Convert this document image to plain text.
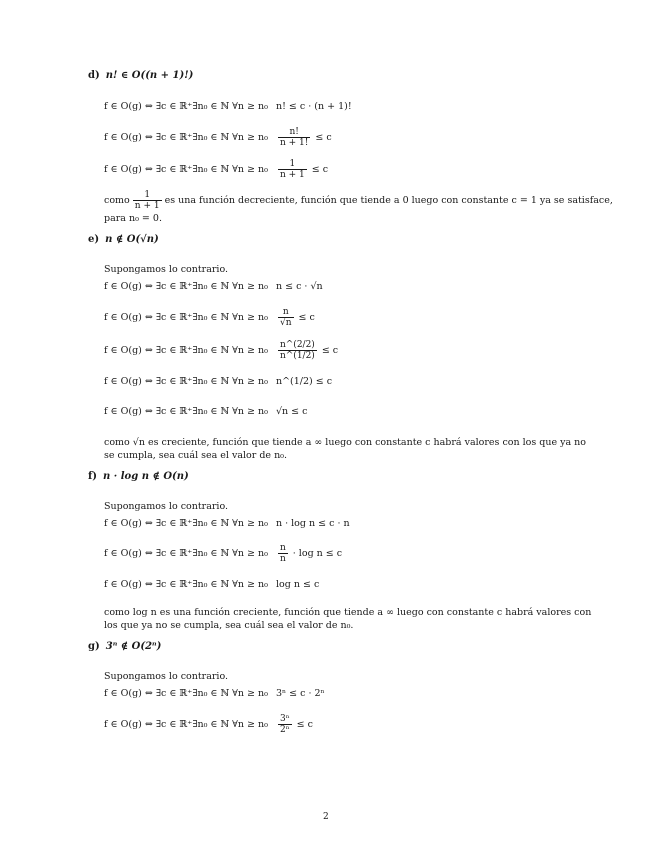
d) n! ∈ O((n + 1)!)
f ∈ O(g) ⇔ ∃c ∈ ℝ⁺∃n₀ ∈ ℕ ∀n ≥ n₀ n! ≤ c · (n + 1)!
f ∈ O(g) ⇔ ∃c ∈ ℝ⁺∃n₀ ∈ ℕ ∀n ≥ $n_0 \frac{n!}{n + 1!} \le c$
f ∈ O(g) ⇔ ∃c ∈ ℝ⁺∃n₀ ∈ ℕ ∀n ≥ $n_0 \frac{1}{n + 1} \le c$
como $\frac{1}{n + 1}$ es una función decreciente, función que tiende a 0 luego con constante c = 1 ya se satisface,
para n₀ = 0.
e) n ∉ O(√n)
Supongamos lo contrario.
f ∈ O(g) ⇔ ∃c ∈ ℝ⁺∃n₀ ∈ ℕ ∀n ≥ n₀ n ≤ c · √n
f ∈ O(g) ⇔ ∃c ∈ ℝ⁺∃n₀ ∈ ℕ ∀n ≥ $n_0 \frac{n}{√n} \le c$
f ∈ O(g) ⇔ ∃c ∈ ℝ⁺∃n₀ ∈ ℕ ∀n ≥ $n_0 \frac{n\^{}(2/2)}{n\^{}(1/2)} \le c$
f ∈ O(g) ⇔ ∃c ∈ ℝ⁺∃n₀ ∈ ℕ ∀n ≥ n₀ n^(1/2) ≤ c
f ∈ O(g) ⇔ ∃c ∈ ℝ⁺∃n₀ ∈ ℕ ∀n ≥ n₀ √n ≤ c
como √n es creciente, función que tiende a ∞ luego con constante c habrá valores con los que ya no
se cumpla, sea cuál sea el valor de n₀.
f) n · log n ∉ O(n)
Supongamos lo contrario.
f ∈ O(g) ⇔ ∃c ∈ ℝ⁺∃n₀ ∈ ℕ ∀n ≥ n₀ n · log n ≤ c · n
f ∈ O(g) ⇔ ∃c ∈ ℝ⁺∃n₀ ∈ ℕ ∀n ≥ $n_0 \frac{n}{n} \cdot \log n \le c$
f ∈ O(g) ⇔ ∃c ∈ ℝ⁺∃n₀ ∈ ℕ ∀n ≥ n₀ log n ≤ c
como log n es una función creciente, función que tiende a ∞ luego con constante c habrá valores con
los que ya no se cumpla, sea cuál sea el valor de n₀.
g) 3ⁿ ∉ O(2ⁿ)
Supongamos lo contrario.
f ∈ O(g) ⇔ ∃c ∈ ℝ⁺∃n₀ ∈ ℕ ∀n ≥ n₀ 3ⁿ ≤ c · 2ⁿ
f ∈ O(g) ⇔ ∃c ∈ ℝ⁺∃n₀ ∈ ℕ ∀n ≥ $n_0 \frac{\text{3ⁿ}}{\text{2ⁿ}} \le c$
2
